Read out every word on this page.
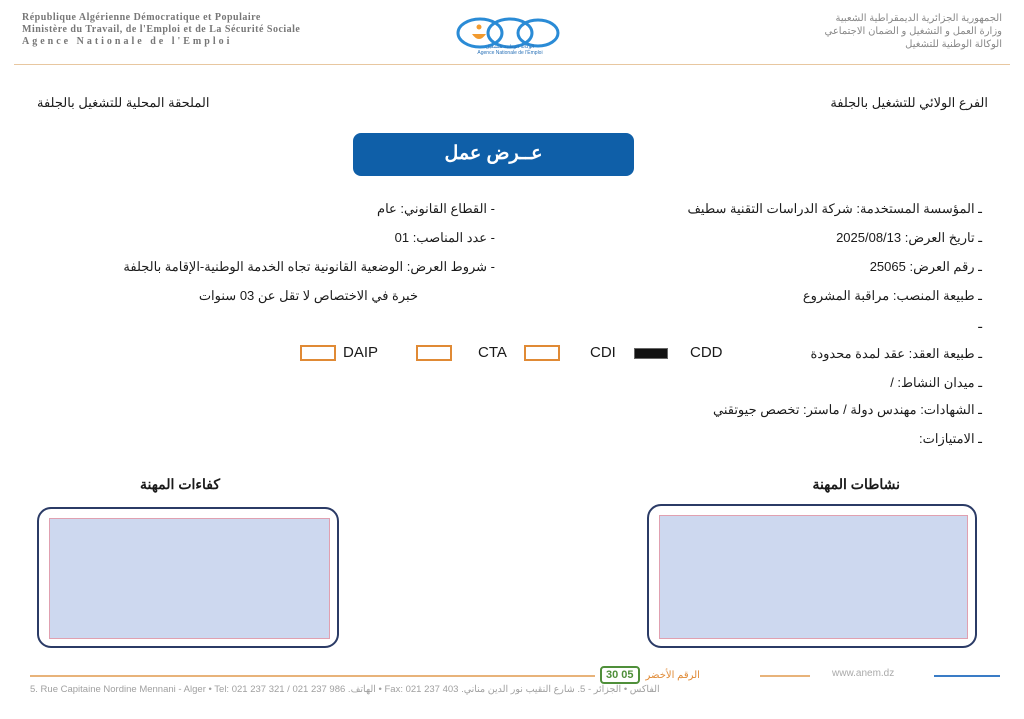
République Algérienne Démocratique et Populaire
Ministère du Travail, de l'Emploi et de La Sécurité Sociale
Agence Nationale de l'Emploi	الوكالة الوطنية للتشغيل
Agence Nationale de l'Emploi
الجمهورية الجزائرية الديمقراطية الشعبية
وزارة العمل و التشغيل و الضمان الاجتماعي
الوكالة الوطنية للتشغيل
الفرع الولائي للتشغيل بالجلفة
الملحقة المحلية للتشغيل بالجلفة
عــرض عمل
ـ المؤسسة المستخدمة: شركة الدراسات التقنية سطيف
ـ تاريخ العرض: 2025/08/13
ـ رقم العرض: 25065
ـ طبيعة المنصب: مراقبة المشروع
ـ
- القطاع القانوني: عام
- عدد المناصب: 01
- شروط العرض: الوضعية القانونية تجاه الخدمة الوطنية-الإقامة بالجلفة
خبرة في الاختصاص لا تقل عن 03 سنوات
ـ طبيعة العقد: عقد لمدة محدودة
CDD
CDI
CTA
DAIP
ـ ميدان النشاط: /
ـ الشهادات: مهندس دولة / ماستر: تخصص جيوتقني
ـ الامتيازات:
نشاطات المهنة
كفاءات المهنة
30 05	الرقم الأخضر	www.anem.dz
5. Rue Capitaine Nordine Mennani - Alger • Tel: 021 237 321 / 021 237 986 .الهاتف • Fax: 021 237 403 .الفاكس • الجزائر - 5. شارع النقيب نور الدين مناني
